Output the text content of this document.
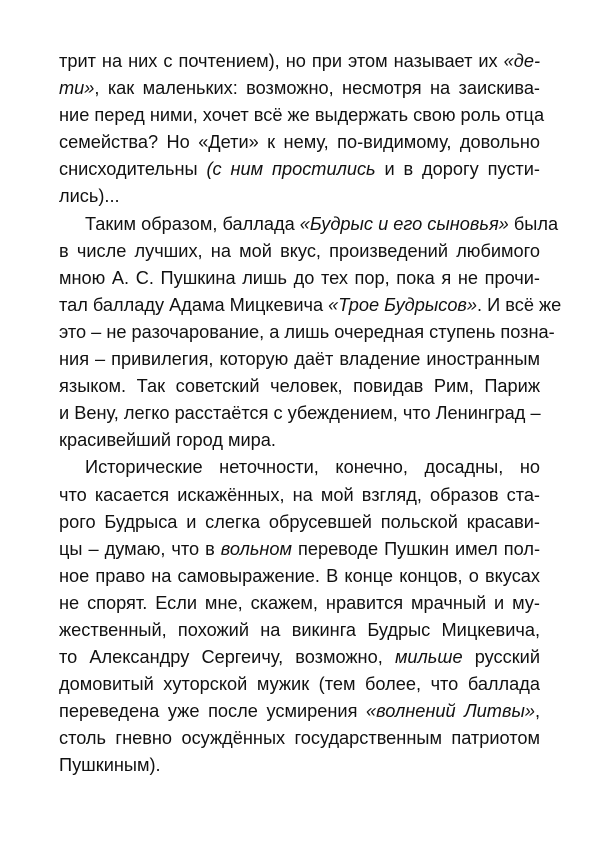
трит на них с почтением), но при этом называет их «де-
ти», как маленьких: возможно, несмотря на заискива-
ние перед ними, хочет всё же выдержать свою роль отца
семейства? Но «Дети» к нему, по-видимому, довольно
снисходительны (с ним простились и в дорогу пусти-
лись)...
Таким образом, баллада «Будрыс и его сыновья» была
в числе лучших, на мой вкус, произведений любимого
мною А. С. Пушкина лишь до тех пор, пока я не прочи-
тал балладу Адама Мицкевича «Трое Будрысов». И всё же
это – не разочарование, а лишь очередная ступень позна-
ния – привилегия, которую даёт владение иностранным
языком. Так советский человек, повидав Рим, Париж
и Вену, легко расстаётся с убеждением, что Ленинград –
красивейший город мира.
Исторические неточности, конечно, досадны, но
что касается искажённых, на мой взгляд, образов ста-
рого Будрыса и слегка обрусевшей польской красави-
цы – думаю, что в вольном переводе Пушкин имел пол-
ное право на самовыражение. В конце концов, о вкусах
не спорят. Если мне, скажем, нравится мрачный и му-
жественный, похожий на викинга Будрыс Мицкевича,
то Александру Сергеичу, возможно, мильше русский
домовитый хуторской мужик (тем более, что баллада
переведена уже после усмирения «волнений Литвы»,
столь гневно осуждённых государственным патриотом
Пушкиным).
